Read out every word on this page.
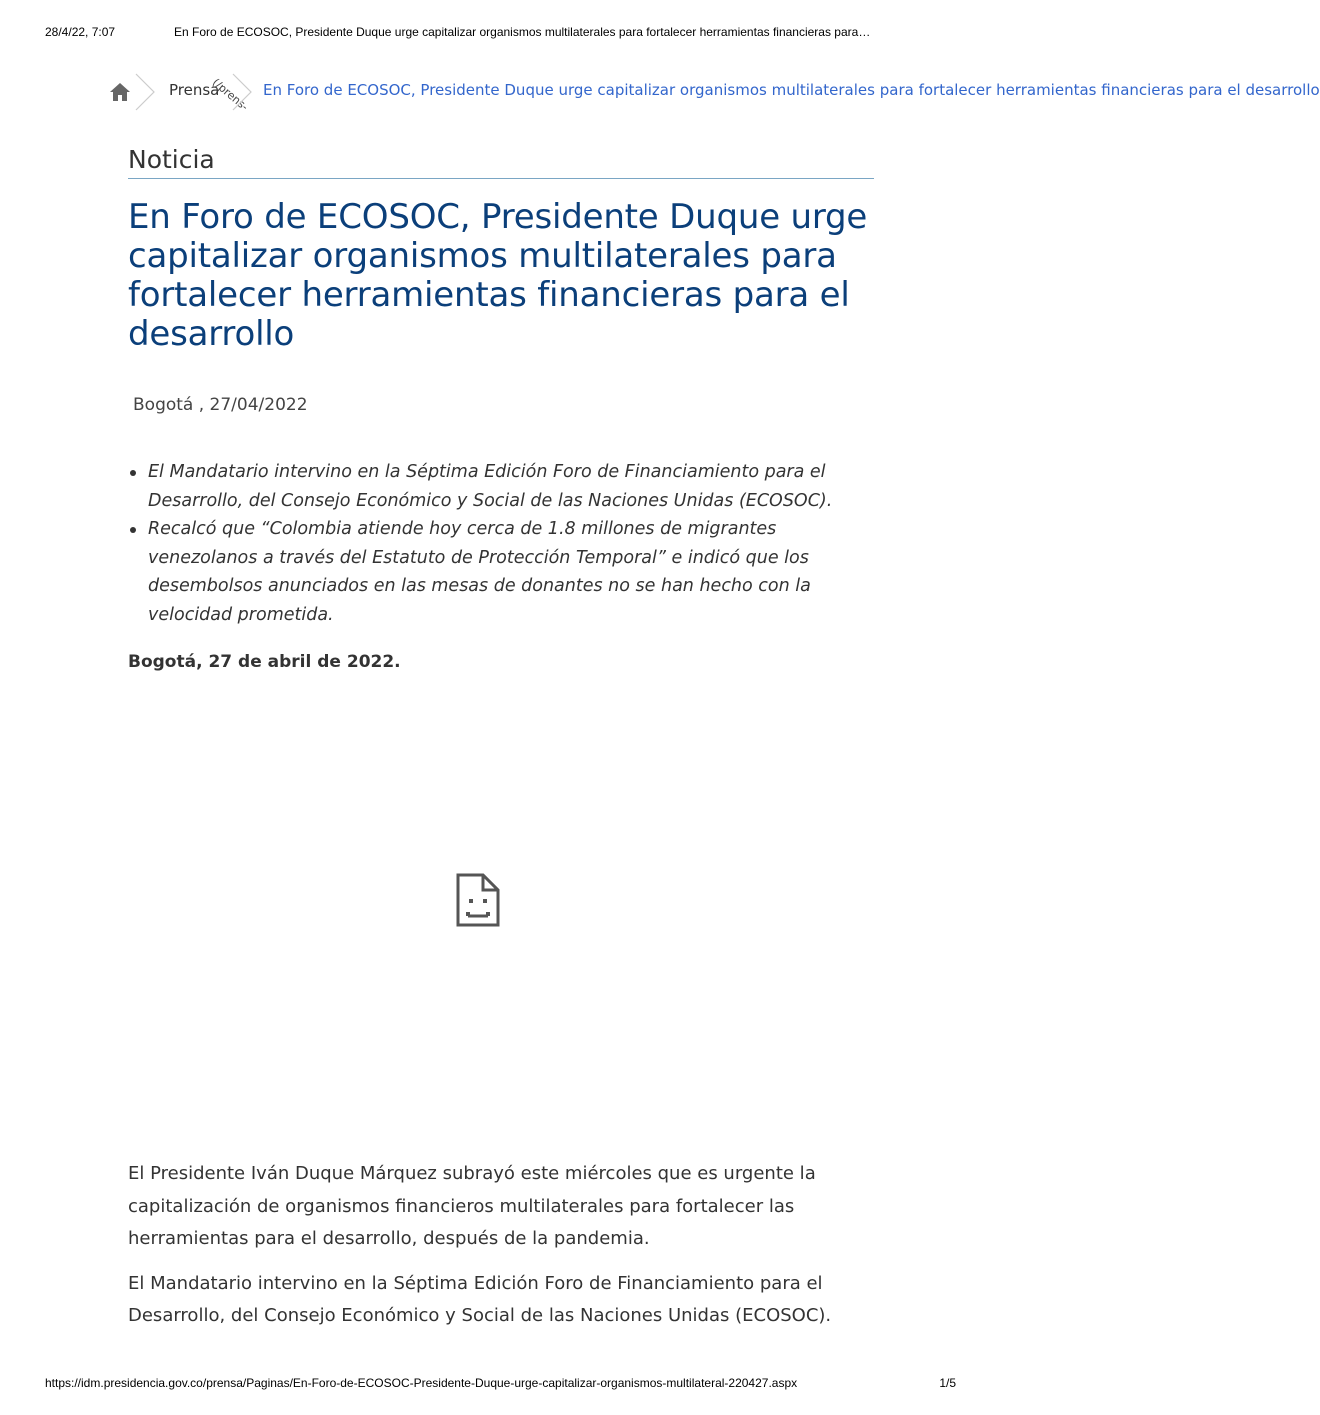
28/4/22, 7:07	En Foro de ECOSOC, Presidente Duque urge capitalizar organismos multilaterales para fortalecer herramientas financieras para…
Prensa
(/prens- En Foro de ECOSOC, Presidente Duque urge capitalizar organismos multilaterales para fortalecer herramientas financieras para el desarrollo
Noticia
En Foro de ECOSOC, Presidente Duque urge capitalizar organismos multilaterales para fortalecer herramientas financieras para el desarrollo
Bogotá , 27/04/2022
El Mandatario intervino en la Séptima Edición Foro de Financiamiento para el Desarrollo, del Consejo Económico y Social de las Naciones Unidas (ECOSOC).
Recalcó que “Colombia atiende hoy cerca de 1.8 millones de migrantes venezolanos a través del Estatuto de Protección Temporal” e indicó que los desembolsos anunciados en las mesas de donantes no se han hecho con la velocidad prometida.
Bogotá, 27 de abril de 2022.

El Presidente Iván Duque Márquez subrayó este miércoles que es urgente la capitalización de organismos financieros multilaterales para fortalecer las herramientas para el desarrollo, después de la pandemia.

El Mandatario intervino en la Séptima Edición Foro de Financiamiento para el Desarrollo, del Consejo Económico y Social de las Naciones Unidas (ECOSOC).

https://idm.presidencia.gov.co/prensa/Paginas/En-Foro-de-ECOSOC-Presidente-Duque-urge-capitalizar-organismos-multilateral-220427.aspx	1/5
